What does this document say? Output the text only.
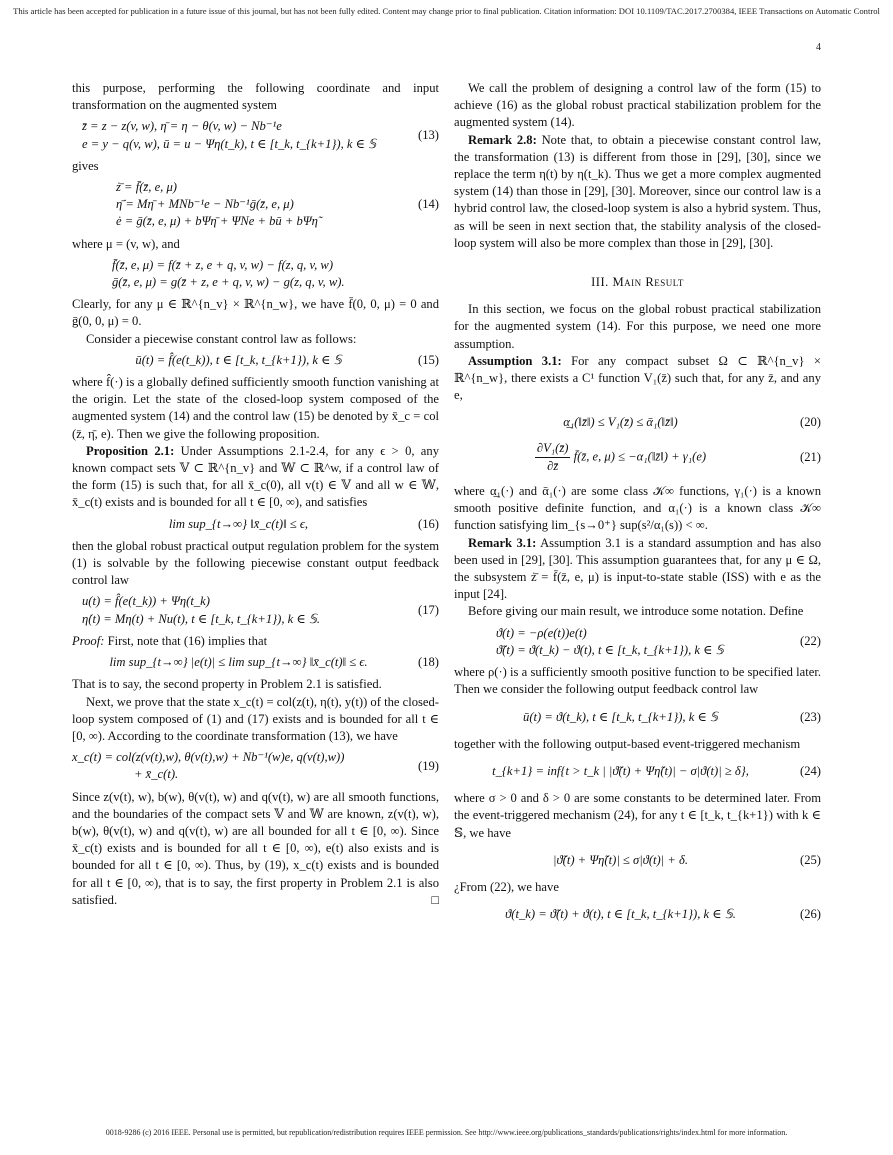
This article has been accepted for publication in a future issue of this journal, but has not been fully edited. Content may change prior to final publication. Citation information: DOI 10.1109/TAC.2017.2700384, IEEE Transactions on Automatic Control
4

this purpose, performing the following coordinate and input transformation on the augmented system

z̄ = z − z(v, w), η̄ = η − θ(v, w) − Nb⁻¹e
e = y − q(v, w), ū = u − Ψη(t_k), t ∈ [t_k, t_{k+1}), k ∈ 𝕊
(13)

gives

ż̄ = f̄(z̄, e, μ)
η̄̇ = Mη̄ + MNb⁻¹e − Nb⁻¹ḡ(z̄, e, μ)
ė = ḡ(z̄, e, μ) + bΨη̄ + ΨNe + bū + bΨη̃
(14)

where μ = (v, w), and

f̄(z̄, e, μ) = f(z̄ + z, e + q, v, w) − f(z, q, v, w)
ḡ(z̄, e, μ) = g(z̄ + z, e + q, v, w) − g(z, q, v, w).

Clearly, for any μ ∈ ℝ^{n_v} × ℝ^{n_w}, we have f̄(0, 0, μ) = 0 and ḡ(0, 0, μ) = 0.

Consider a piecewise constant control law as follows:

ū(t) = f̂(e(t_k)), t ∈ [t_k, t_{k+1}), k ∈ 𝕊	(15)

where f̂(·) is a globally defined sufficiently smooth function vanishing at the origin. Let the state of the closed-loop system composed of the augmented system (14) and the control law (15) be denoted by x̄_c = col (z̄, η̄, e). Then we give the following proposition.

Proposition 2.1: Under Assumptions 2.1-2.4, for any ϵ > 0, any known compact sets 𝕍 ⊂ ℝ^{n_v} and 𝕎 ⊂ ℝ^w, if a control law of the form (15) is such that, for all x̄_c(0), all v(t) ∈ 𝕍 and all w ∈ 𝕎, x̄_c(t) exists and is bounded for all t ∈ [0, ∞), and satisfies

lim sup_{t→∞} ‖x̄_c(t)‖ ≤ ϵ,	(16)

then the global robust practical output regulation problem for the system (1) is solvable by the following piecewise constant output feedback control law

u(t) = f̂(e(t_k)) + Ψη(t_k)
η̇(t) = Mη(t) + Nu(t), t ∈ [t_k, t_{k+1}), k ∈ 𝕊.
(17)

Proof: First, note that (16) implies that

lim sup_{t→∞} |e(t)| ≤ lim sup_{t→∞} ‖x̄_c(t)‖ ≤ ϵ.	(18)

That is to say, the second property in Problem 2.1 is satisfied.

Next, we prove that the state x_c(t) = col(z(t), η(t), y(t)) of the closed-loop system composed of (1) and (17) exists and is bounded for all t ∈ [0, ∞). According to the coordinate transformation (13), we have

x_c(t) = col(z(v(t),w), θ(v(t),w) + Nb⁻¹(w)e, q(v(t),w))
+ x̄_c(t).
(19)

Since z(v(t), w), b(w), θ(v(t), w) and q(v(t), w) are all smooth functions, and the boundaries of the compact sets 𝕍 and 𝕎 are known, z(v(t), w), b(w), θ(v(t), w) and q(v(t), w) are all bounded for all t ∈ [0, ∞). Since x̄_c(t) exists and is bounded for all t ∈ [0, ∞), e(t) also exists and is bounded for all t ∈ [0, ∞). Thus, by (19), x_c(t) exists and is bounded for all t ∈ [0, ∞), that is to say, the first property in Problem 2.1 is also satisfied.	□

We call the problem of designing a control law of the form (15) to achieve (16) as the global robust practical stabilization problem for the augmented system (14).

Remark 2.8: Note that, to obtain a piecewise constant control law, the transformation (13) is different from those in [29], [30], since we replace the term η(t) by η(t_k). Thus we get a more complex augmented system (14) than those in [29], [30]. Moreover, since our control law is a hybrid control law, the closed-loop system is also a hybrid system. Thus, as will be seen in next section that, the stability analysis of the closed-loop system will also be more complex than those in [29], [30].

III. Main Result

In this section, we focus on the global robust practical stabilization for the augmented system (14). For this purpose, we need one more assumption.

Assumption 3.1: For any compact subset Ω ⊂ ℝ^{n_v} × ℝ^{n_w}, there exists a C¹ function V₁(z̄) such that, for any z̄, and any e,

α̲₁(‖z̄‖) ≤ V₁(z̄) ≤ ᾱ₁(‖z̄‖)	(20)
$\frac{\text{∂V₁(z̄)}}{\partial z̄}$ f̄(z̄, e, μ) ≤ −α₁(‖z̄‖) + γ₁(e)	(21)

where α̲₁(·) and ᾱ₁(·) are some class 𝒦∞ functions, γ₁(·) is a known smooth positive definite function, and α₁(·) is a known class 𝒦∞ function satisfying lim_{s→0⁺} sup(s²/α₁(s)) < ∞.

Remark 3.1: Assumption 3.1 is a standard assumption and has also been used in [29], [30]. This assumption guarantees that, for any μ ∈ Ω, the subsystem ż̄ = f̄(z̄, e, μ) is input-to-state stable (ISS) with e as the input [24].

Before giving our main result, we introduce some notation. Define

ϑ(t) = −ρ(e(t))e(t)
ϑ̃(t) = ϑ(t_k) − ϑ(t), t ∈ [t_k, t_{k+1}), k ∈ 𝕊
(22)

where ρ(·) is a sufficiently smooth positive function to be specified later. Then we consider the following output feedback control law

ū(t) = ϑ(t_k), t ∈ [t_k, t_{k+1}), k ∈ 𝕊	(23)

together with the following output-based event-triggered mechanism

t_{k+1} = inf{t > t_k | |ϑ̃(t) + Ψη̃(t)| − σ|ϑ(t)| ≥ δ},	(24)

where σ > 0 and δ > 0 are some constants to be determined later. From the event-triggered mechanism (24), for any t ∈ [t_k, t_{k+1}) with k ∈ 𝕊, we have

|ϑ̃(t) + Ψη̃(t)| ≤ σ|ϑ(t)| + δ.	(25)

¿From (22), we have

ϑ(t_k) = ϑ̃(t) + ϑ(t), t ∈ [t_k, t_{k+1}), k ∈ 𝕊.	(26)
0018-9286 (c) 2016 IEEE. Personal use is permitted, but republication/redistribution requires IEEE permission. See http://www.ieee.org/publications_standards/publications/rights/index.html for more information.
